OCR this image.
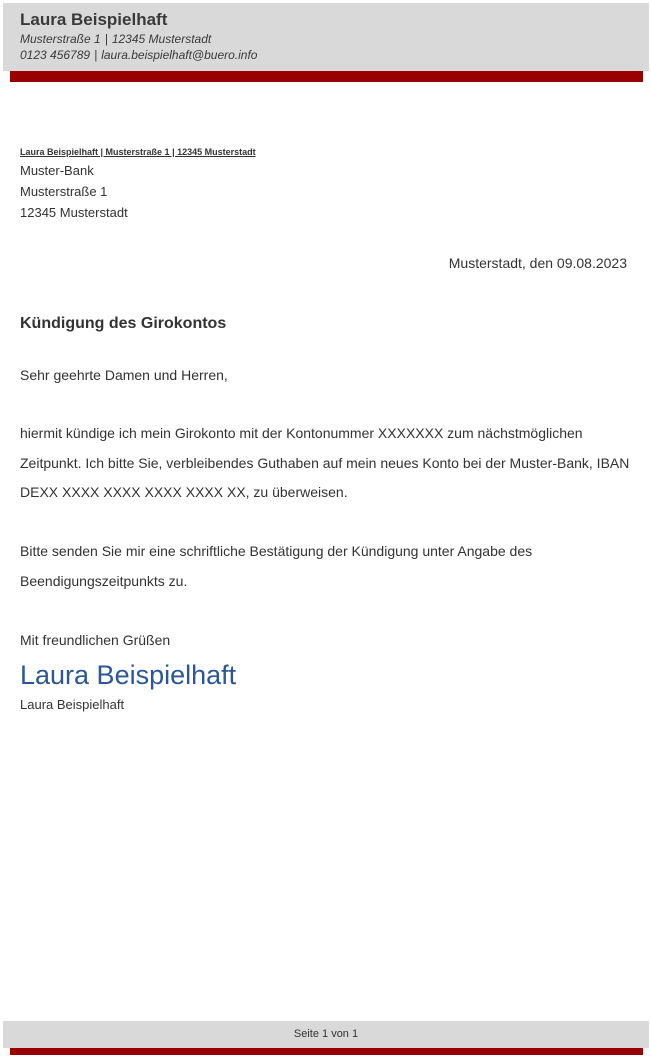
Laura Beispielhaft
Musterstraße 1 | 12345 Musterstadt
0123 456789 | laura.beispielhaft@buero.info
Laura Beispielhaft | Musterstraße 1 | 12345 Musterstadt
Muster-Bank
Musterstraße 1
12345 Musterstadt
Musterstadt, den 09.08.2023
Kündigung des Girokontos
Sehr geehrte Damen und Herren,

hiermit kündige ich mein Girokonto mit der Kontonummer XXXXXXX zum nächstmöglichen Zeitpunkt. Ich bitte Sie, verbleibendes Guthaben auf mein neues Konto bei der Muster-Bank, IBAN DEXX XXXX XXXX XXXX XXXX XX, zu überweisen.

Bitte senden Sie mir eine schriftliche Bestätigung der Kündigung unter Angabe des Beendigungszeitpunkts zu.

Mit freundlichen Grüßen
Laura Beispielhaft
Laura Beispielhaft
Seite 1 von 1
